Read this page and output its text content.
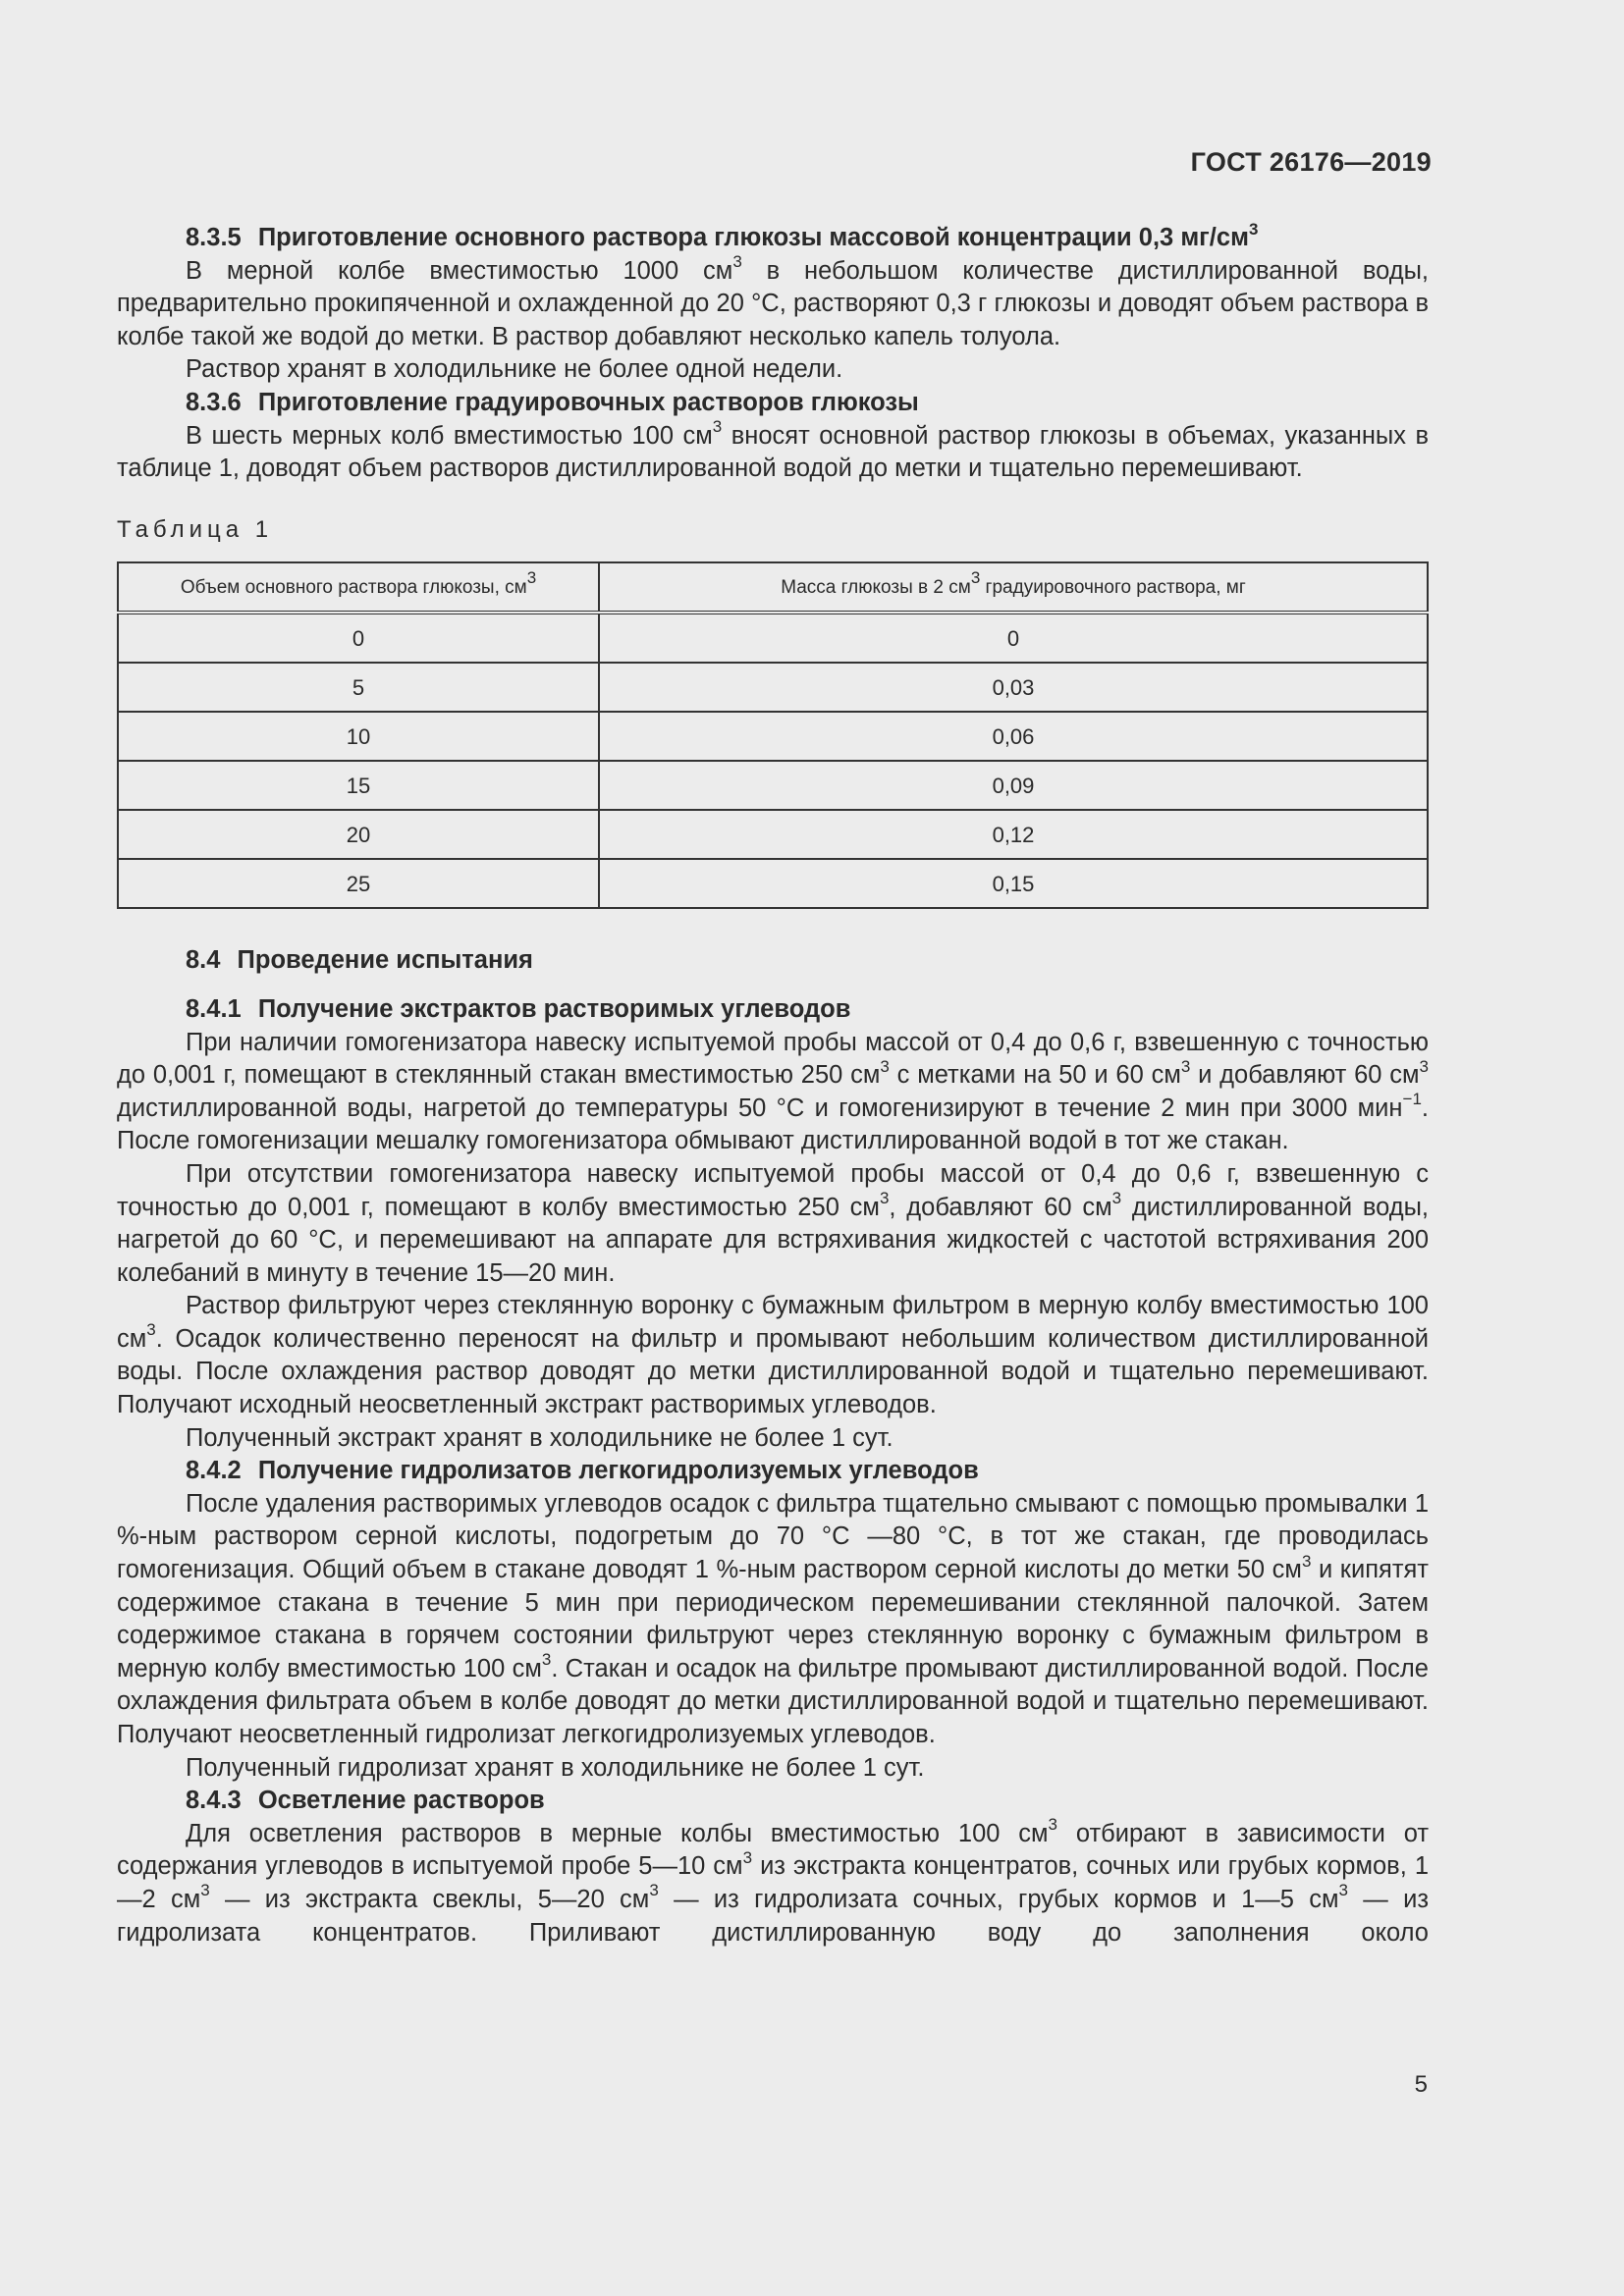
ГОСТ 26176—2019

8.3.5 Приготовление основного раствора глюкозы массовой концентрации 0,3 $мг/см^3$

В мерной колбе вместимостью 1000 $см^3$ в небольшом количестве дистиллированной воды, предварительно прокипяченной и охлажденной до 20 °С, растворяют 0,3 г глюкозы и доводят объем раствора в колбе такой же водой до метки. В раствор добавляют несколько капель толуола.

Раствор хранят в холодильнике не более одной недели.

8.3.6 Приготовление градуировочных растворов глюкозы

В шесть мерных колб вместимостью 100 $см^3$ вносят основной раствор глюкозы в объемах, указанных в таблице 1, доводят объем растворов дистиллированной водой до метки и тщательно перемешивают.

Таблица 1
Объем основного раствора глюкозы, $см^3$	Масса глюкозы в 2 $см^3$ градуировочного раствора, мг
0	0
5	0,03
10	0,06
15	0,09
20	0,12
25	0,15

8.4 Проведение испытания

8.4.1 Получение экстрактов растворимых углеводов

При наличии гомогенизатора навеску испытуемой пробы массой от 0,4 до 0,6 г, взвешенную с точностью до 0,001 г, помещают в стеклянный стакан вместимостью 250 $см^3$ с метками на 50 и 60 $см^3$ и добавляют 60 $см^3$ дистиллированной воды, нагретой до температуры 50 °С и гомогенизируют в течение 2 мин при 3000 мин$^{-1}$. После гомогенизации мешалку гомогенизатора обмывают дистиллированной водой в тот же стакан.

При отсутствии гомогенизатора навеску испытуемой пробы массой от 0,4 до 0,6 г, взвешенную с точностью до 0,001 г, помещают в колбу вместимостью 250 $см^3$, добавляют 60 $см^3$ дистиллированной воды, нагретой до 60 °С, и перемешивают на аппарате для встряхивания жидкостей с частотой встряхивания 200 колебаний в минуту в течение 15—20 мин.

Раствор фильтруют через стеклянную воронку с бумажным фильтром в мерную колбу вместимостью 100 $см^3$. Осадок количественно переносят на фильтр и промывают небольшим количеством дистиллированной воды. После охлаждения раствор доводят до метки дистиллированной водой и тщательно перемешивают. Получают исходный неосветленный экстракт растворимых углеводов.

Полученный экстракт хранят в холодильнике не более 1 сут.

8.4.2 Получение гидролизатов легкогидролизуемых углеводов

После удаления растворимых углеводов осадок с фильтра тщательно смывают с помощью промывалки 1 %-ным раствором серной кислоты, подогретым до 70 °С —80 °С, в тот же стакан, где проводилась гомогенизация. Общий объем в стакане доводят 1 %-ным раствором серной кислоты до метки 50 $см^3$ и кипятят содержимое стакана в течение 5 мин при периодическом перемешивании стеклянной палочкой. Затем содержимое стакана в горячем состоянии фильтруют через стеклянную воронку с бумажным фильтром в мерную колбу вместимостью 100 $см^3$. Стакан и осадок на фильтре промывают дистиллированной водой. После охлаждения фильтрата объем в колбе доводят до метки дистиллированной водой и тщательно перемешивают. Получают неосветленный гидролизат легкогидролизуемых углеводов.

Полученный гидролизат хранят в холодильнике не более 1 сут.

8.4.3 Осветление растворов

Для осветления растворов в мерные колбы вместимостью 100 $см^3$ отбирают в зависимости от содержания углеводов в испытуемой пробе 5—10 $см^3$ из экстракта концентратов, сочных или грубых кормов, 1—2 $см^3$ — из экстракта свеклы, 5—20 $см^3$ — из гидролизата сочных, грубых кормов и 1—5 $см^3$ — из гидролизата концентратов. Приливают дистиллированную воду до заполнения около

5
